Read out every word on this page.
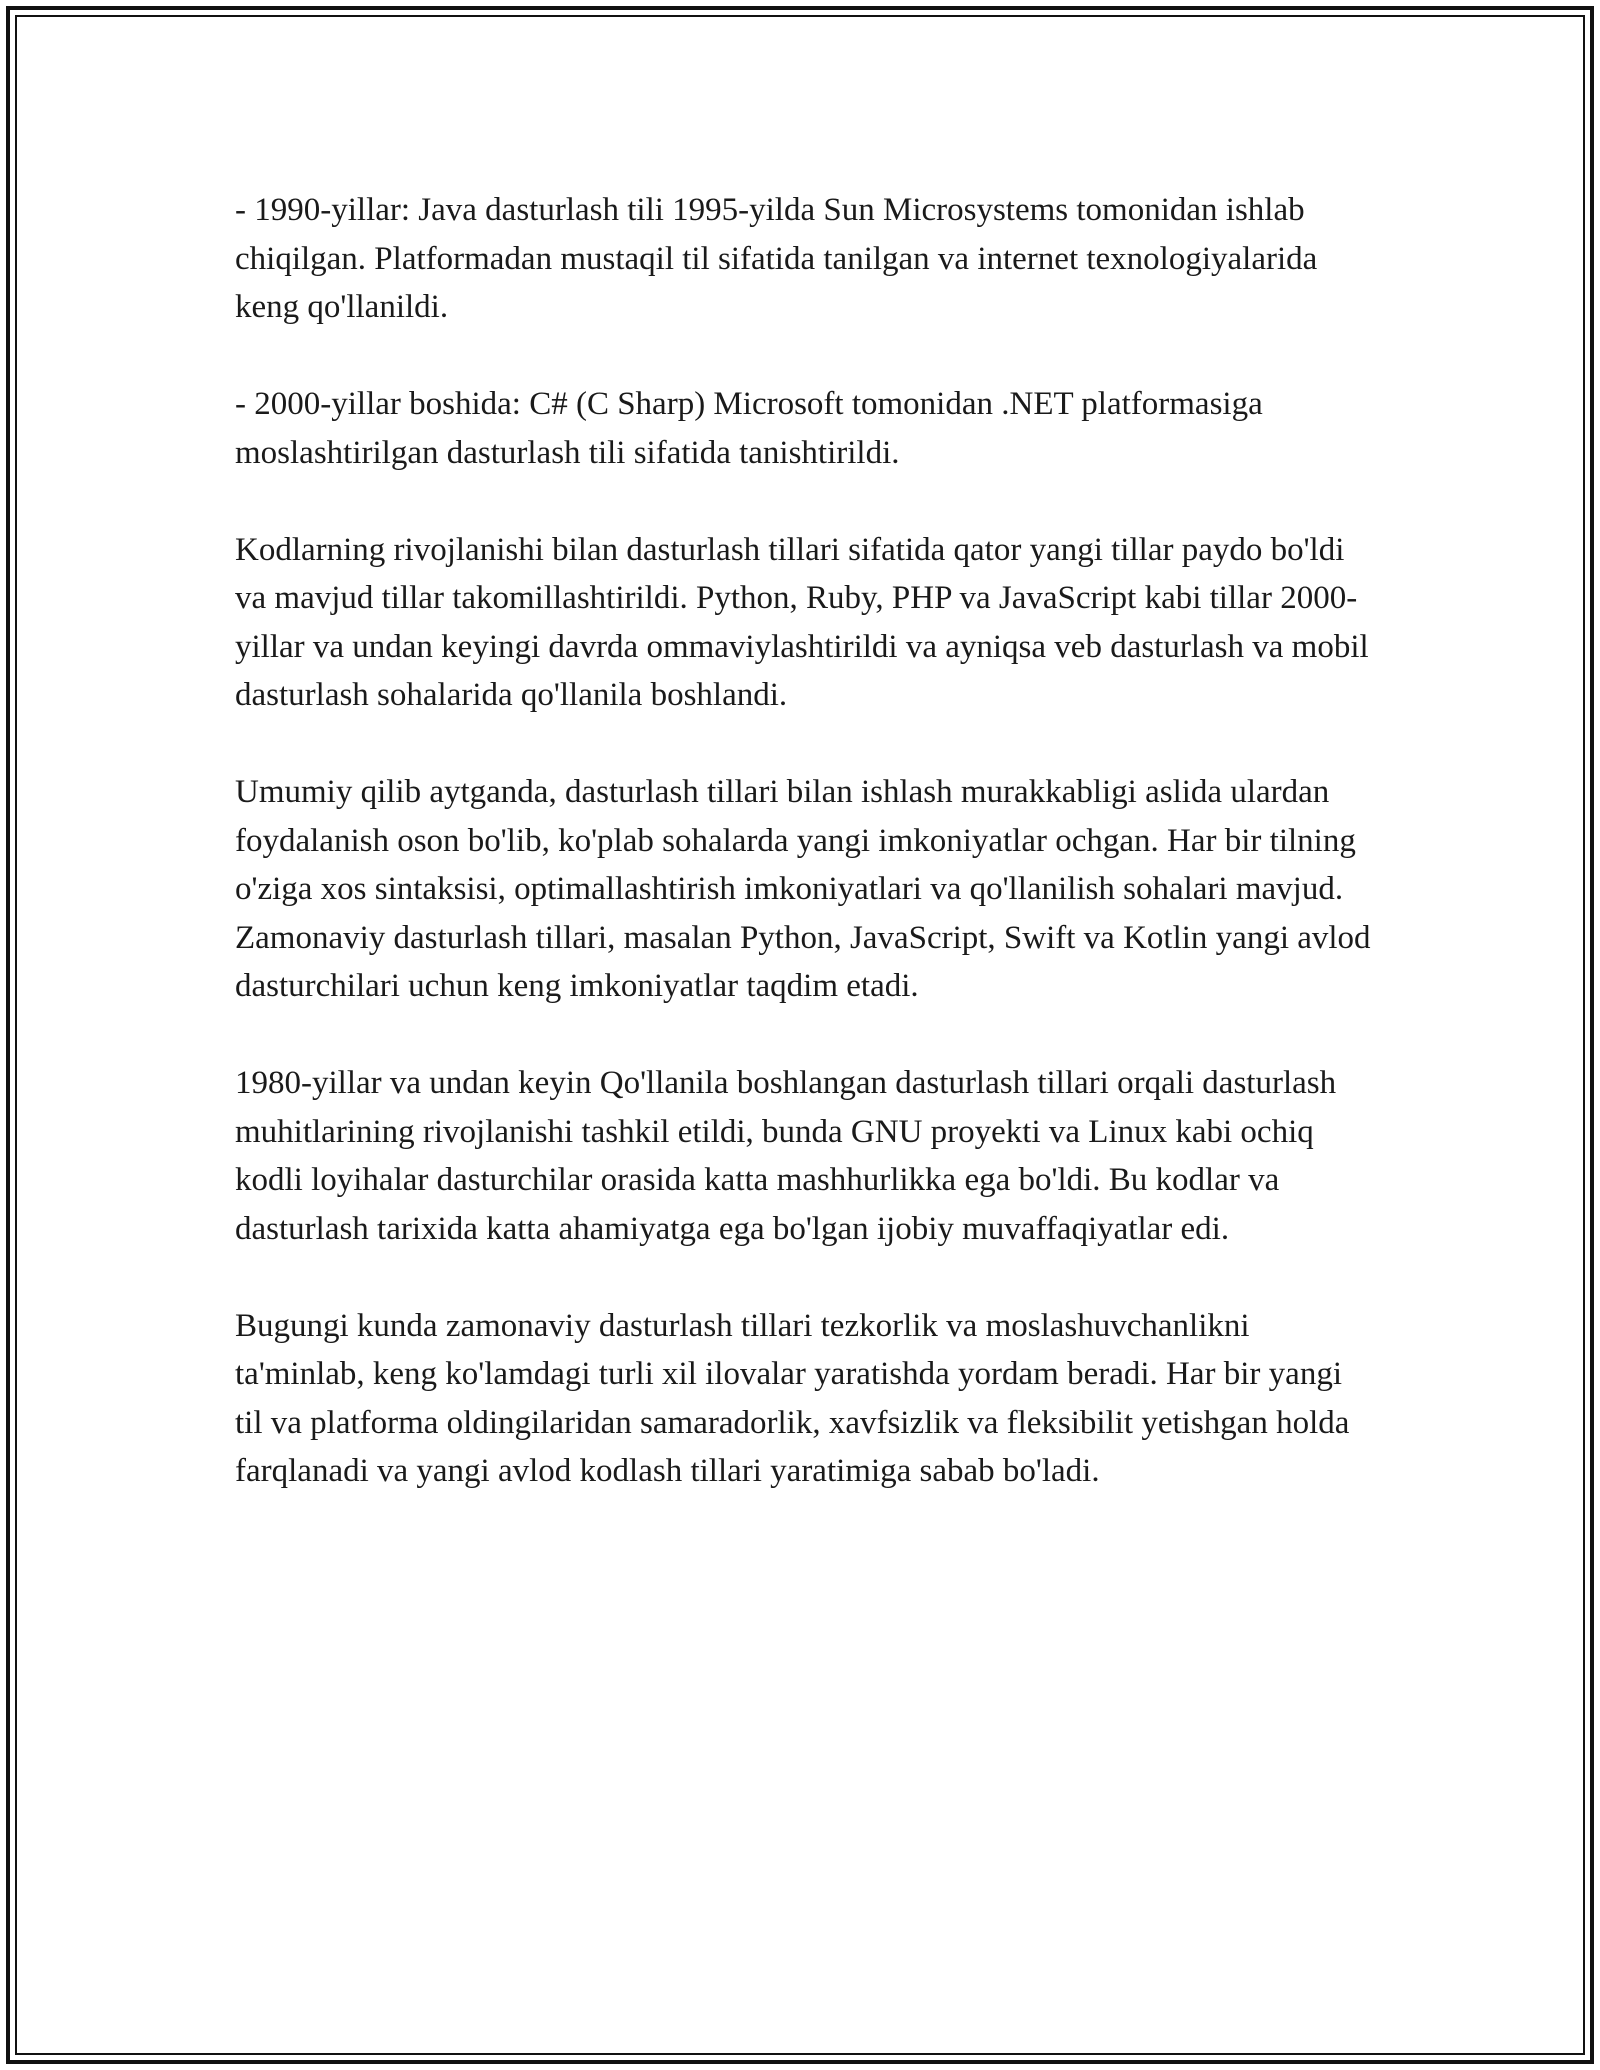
- 1990-yillar: Java dasturlash tili 1995-yilda Sun Microsystems tomonidan ishlab chiqilgan. Platformadan mustaqil til sifatida tanilgan va internet texnologiyalarida keng qo'llanildi.

- 2000-yillar boshida: C# (C Sharp) Microsoft tomonidan .NET platformasiga moslashtirilgan dasturlash tili sifatida tanishtirildi.

Kodlarning rivojlanishi bilan dasturlash tillari sifatida qator yangi tillar paydo bo'ldi va mavjud tillar takomillashtirildi. Python, Ruby, PHP va JavaScript kabi tillar 2000-yillar va undan keyingi davrda ommaviylashtirildi va ayniqsa veb dasturlash va mobil dasturlash sohalarida qo'llanila boshlandi.

Umumiy qilib aytganda, dasturlash tillari bilan ishlash murakkabligi aslida ulardan foydalanish oson bo'lib, ko'plab sohalarda yangi imkoniyatlar ochgan. Har bir tilning o'ziga xos sintaksisi, optimallashtirish imkoniyatlari va qo'llanilish sohalari mavjud. Zamonaviy dasturlash tillari, masalan Python, JavaScript, Swift va Kotlin yangi avlod dasturchilari uchun keng imkoniyatlar taqdim etadi.

1980-yillar va undan keyin Qo'llanila boshlangan dasturlash tillari orqali dasturlash muhitlarining rivojlanishi tashkil etildi, bunda GNU proyekti va Linux kabi ochiq kodli loyihalar dasturchilar orasida katta mashhurlikka ega bo'ldi. Bu kodlar va dasturlash tarixida katta ahamiyatga ega bo'lgan ijobiy muvaffaqiyatlar edi.

Bugungi kunda zamonaviy dasturlash tillari tezkorlik va moslashuvchanlikni ta'minlab, keng ko'lamdagi turli xil ilovalar yaratishda yordam beradi. Har bir yangi til va platforma oldingilaridan samaradorlik, xavfsizlik va fleksibilit yetishgan holda farqlanadi va yangi avlod kodlash tillari yaratimiga sabab bo'ladi.
